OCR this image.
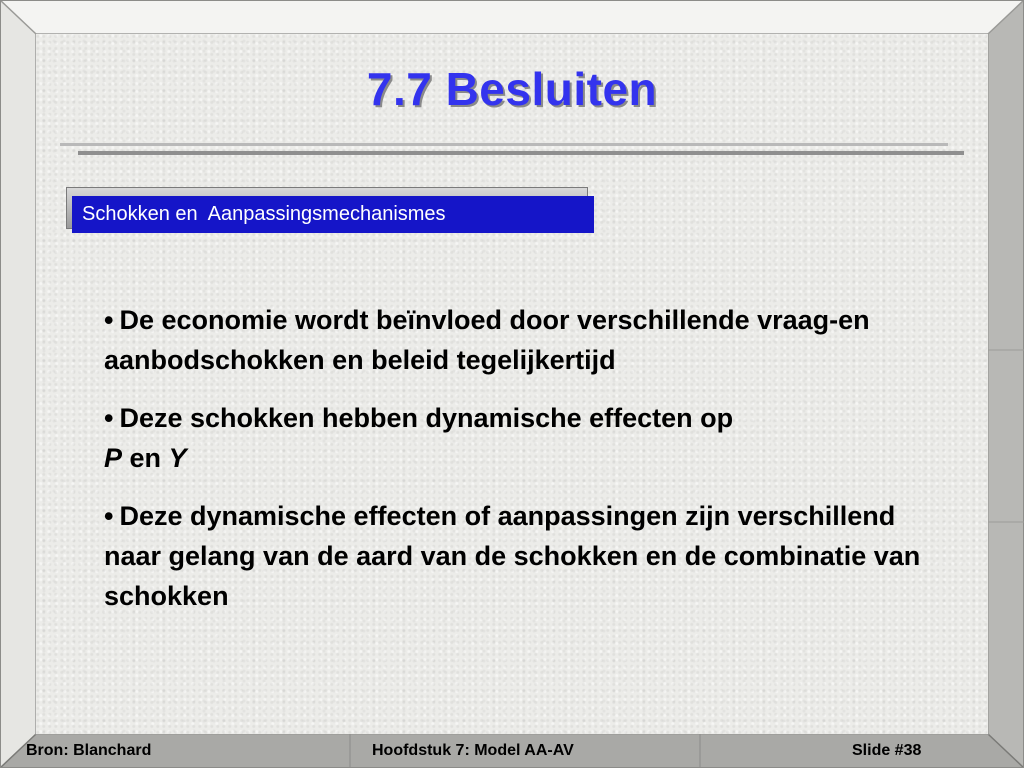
7.7 Besluiten
Schokken en  Aanpassingsmechanismes
• De economie wordt beïnvloed door verschillende vraag-en aanbodschokken en beleid tegelijkertijd
• Deze schokken hebben dynamische effecten op
P en Y
• Deze dynamische effecten of aanpassingen zijn verschillend naar gelang van de aard van de schokken en de combinatie van schokken
Bron: Blanchard	Hoofdstuk 7: Model AA-AV	Slide #38
